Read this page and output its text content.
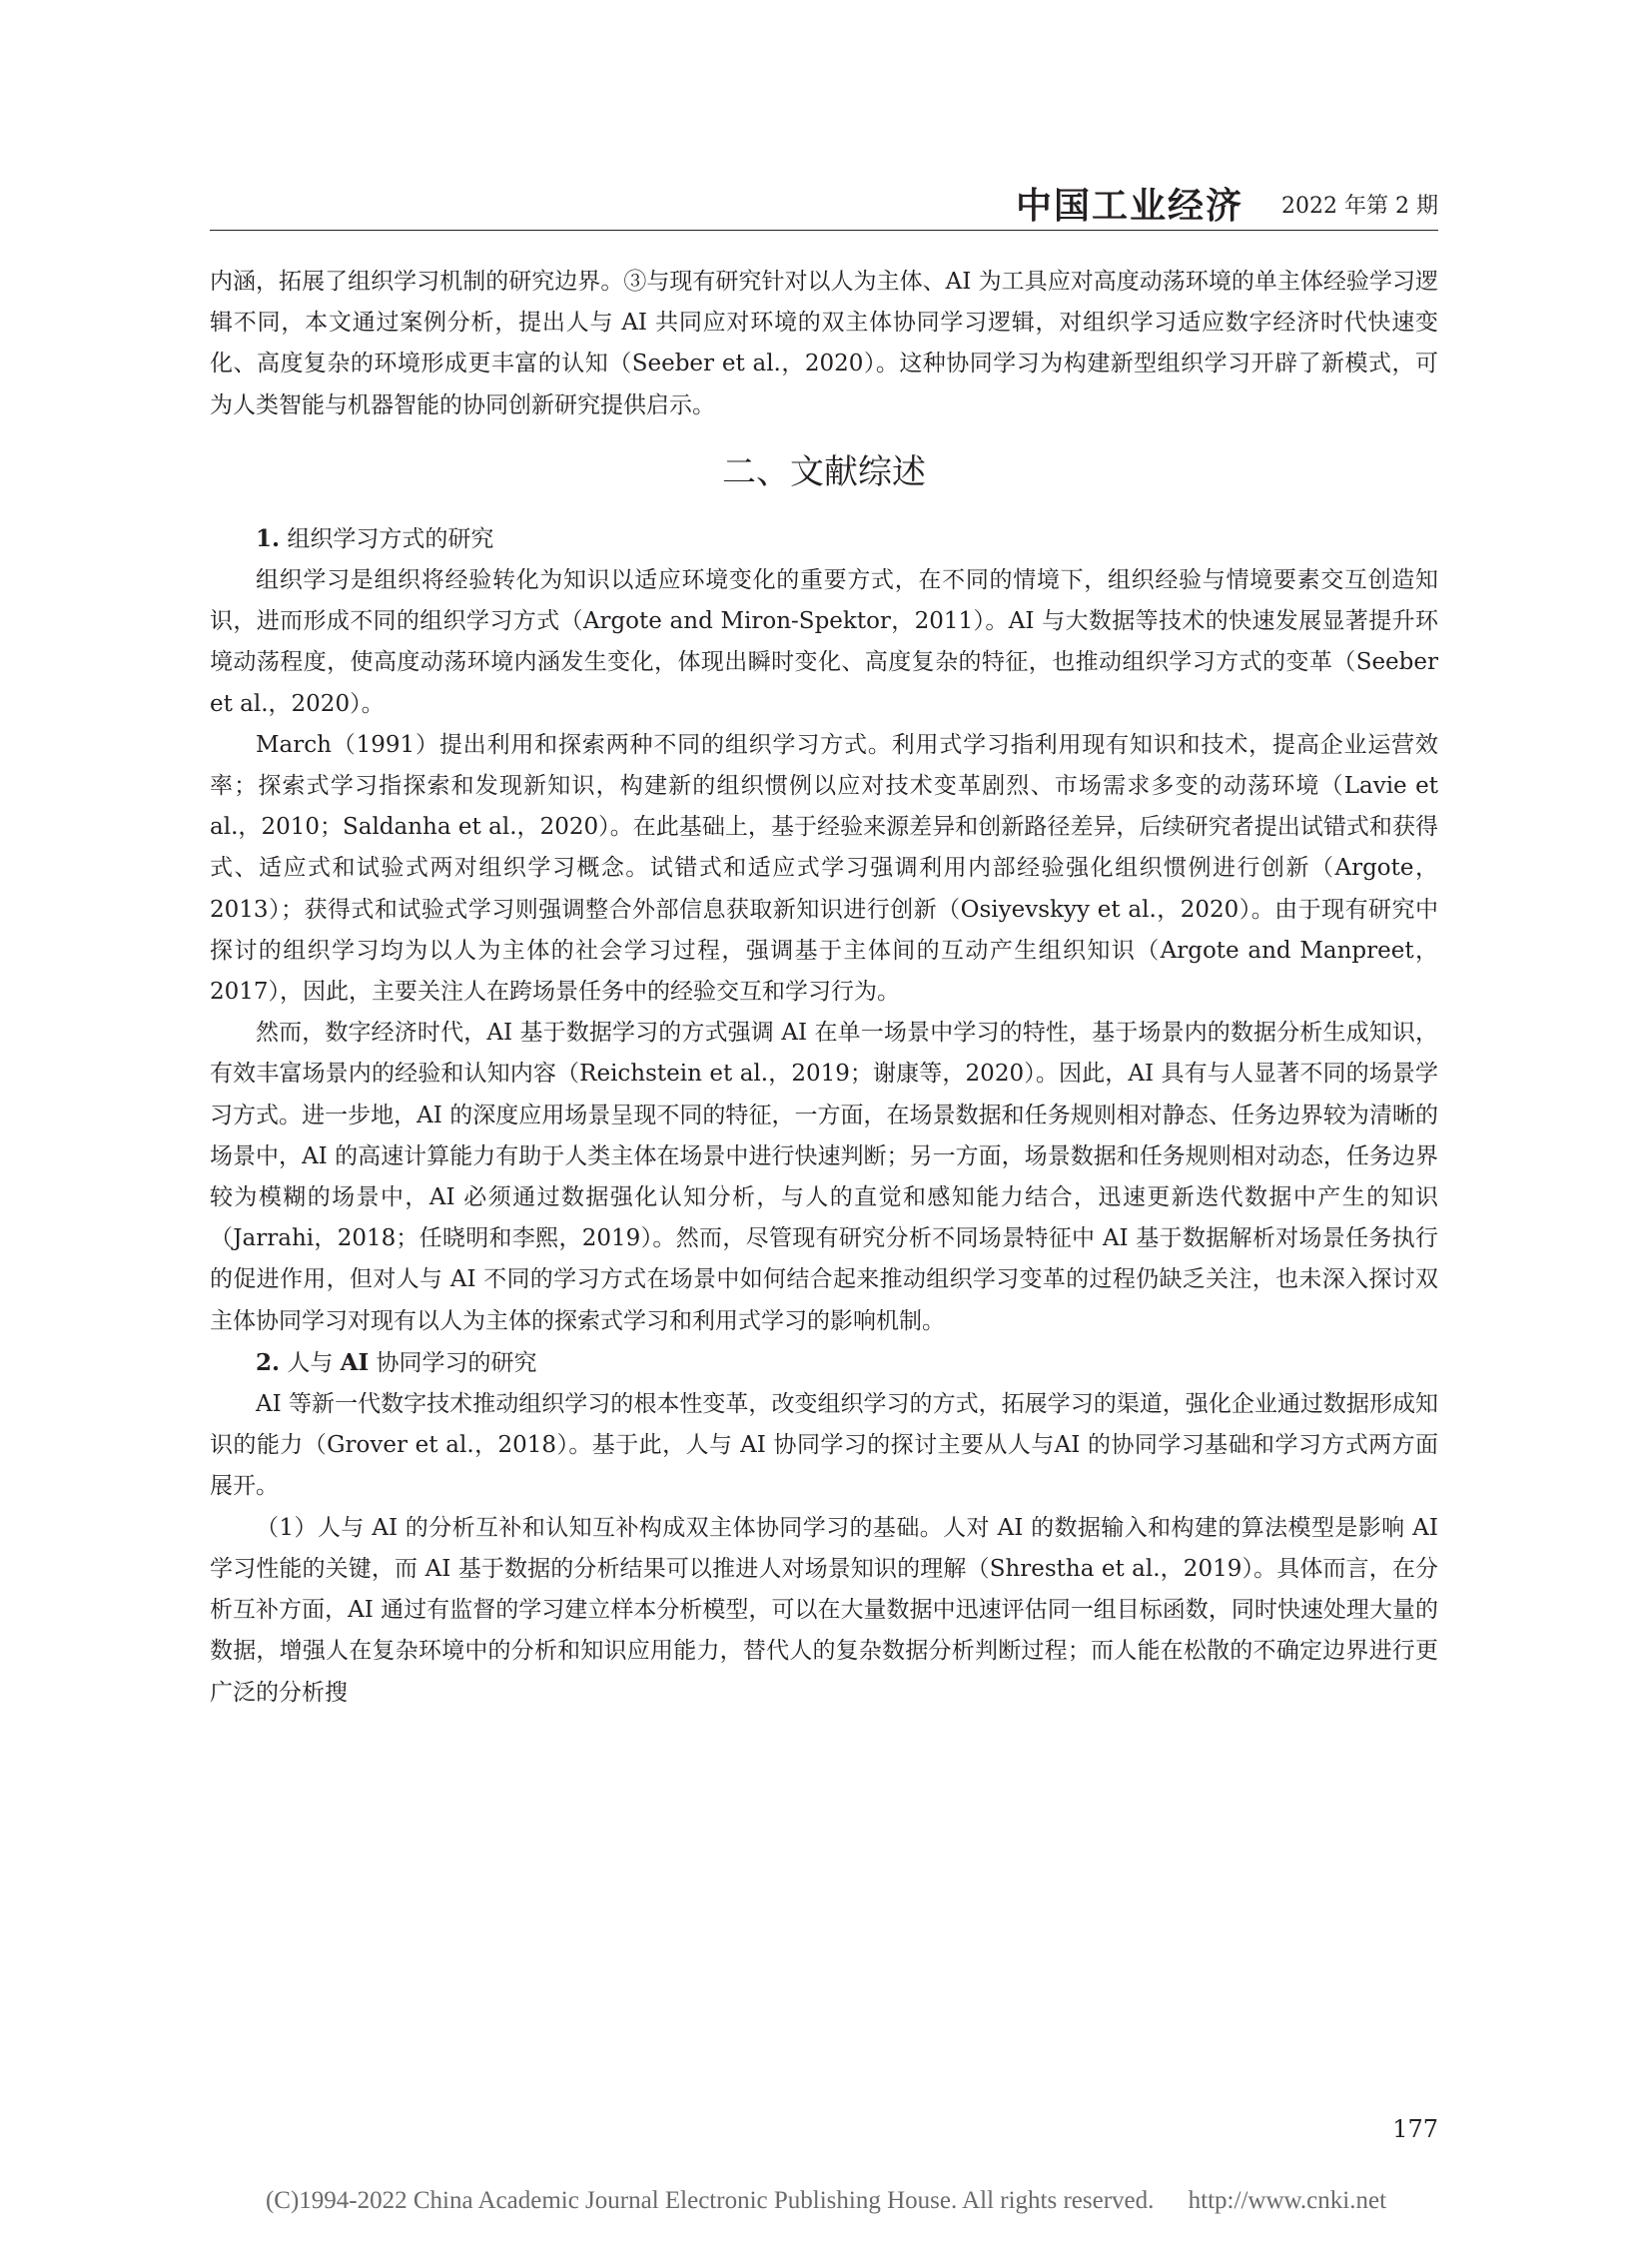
中国工业经济 2022 年第 2 期

内涵，拓展了组织学习机制的研究边界。③与现有研究针对以人为主体、AI 为工具应对高度动荡环境的单主体经验学习逻辑不同，本文通过案例分析，提出人与 AI 共同应对环境的双主体协同学习逻辑，对组织学习适应数字经济时代快速变化、高度复杂的环境形成更丰富的认知（Seeber et al.，2020）。这种协同学习为构建新型组织学习开辟了新模式，可为人类智能与机器智能的协同创新研究提供启示。

二、文献综述

1. 组织学习方式的研究

组织学习是组织将经验转化为知识以适应环境变化的重要方式，在不同的情境下，组织经验与情境要素交互创造知识，进而形成不同的组织学习方式（Argote and Miron-Spektor，2011）。AI 与大数据等技术的快速发展显著提升环境动荡程度，使高度动荡环境内涵发生变化，体现出瞬时变化、高度复杂的特征，也推动组织学习方式的变革（Seeber et al.，2020）。

March（1991）提出利用和探索两种不同的组织学习方式。利用式学习指利用现有知识和技术，提高企业运营效率；探索式学习指探索和发现新知识，构建新的组织惯例以应对技术变革剧烈、市场需求多变的动荡环境（Lavie et al.，2010；Saldanha et al.，2020）。在此基础上，基于经验来源差异和创新路径差异，后续研究者提出试错式和获得式、适应式和试验式两对组织学习概念。试错式和适应式学习强调利用内部经验强化组织惯例进行创新（Argote，2013）；获得式和试验式学习则强调整合外部信息获取新知识进行创新（Osiyevskyy et al.，2020）。由于现有研究中探讨的组织学习均为以人为主体的社会学习过程，强调基于主体间的互动产生组织知识（Argote and Manpreet，2017），因此，主要关注人在跨场景任务中的经验交互和学习行为。

然而，数字经济时代，AI 基于数据学习的方式强调 AI 在单一场景中学习的特性，基于场景内的数据分析生成知识，有效丰富场景内的经验和认知内容（Reichstein et al.，2019；谢康等，2020）。因此，AI 具有与人显著不同的场景学习方式。进一步地，AI 的深度应用场景呈现不同的特征，一方面，在场景数据和任务规则相对静态、任务边界较为清晰的场景中，AI 的高速计算能力有助于人类主体在场景中进行快速判断；另一方面，场景数据和任务规则相对动态，任务边界较为模糊的场景中，AI 必须通过数据强化认知分析，与人的直觉和感知能力结合，迅速更新迭代数据中产生的知识（Jarrahi，2018；任晓明和李熙，2019）。然而，尽管现有研究分析不同场景特征中 AI 基于数据解析对场景任务执行的促进作用，但对人与 AI 不同的学习方式在场景中如何结合起来推动组织学习变革的过程仍缺乏关注，也未深入探讨双主体协同学习对现有以人为主体的探索式学习和利用式学习的影响机制。

2. 人与 AI 协同学习的研究

AI 等新一代数字技术推动组织学习的根本性变革，改变组织学习的方式，拓展学习的渠道，强化企业通过数据形成知识的能力（Grover et al.，2018）。基于此，人与 AI 协同学习的探讨主要从人与AI 的协同学习基础和学习方式两方面展开。

（1）人与 AI 的分析互补和认知互补构成双主体协同学习的基础。人对 AI 的数据输入和构建的算法模型是影响 AI 学习性能的关键，而 AI 基于数据的分析结果可以推进人对场景知识的理解（Shrestha et al.，2019）。具体而言，在分析互补方面，AI 通过有监督的学习建立样本分析模型，可以在大量数据中迅速评估同一组目标函数，同时快速处理大量的数据，增强人在复杂环境中的分析和知识应用能力，替代人的复杂数据分析判断过程；而人能在松散的不确定边界进行更广泛的分析搜

177
(C)1994-2022 China Academic Journal Electronic Publishing House. All rights reserved. http://www.cnki.net
